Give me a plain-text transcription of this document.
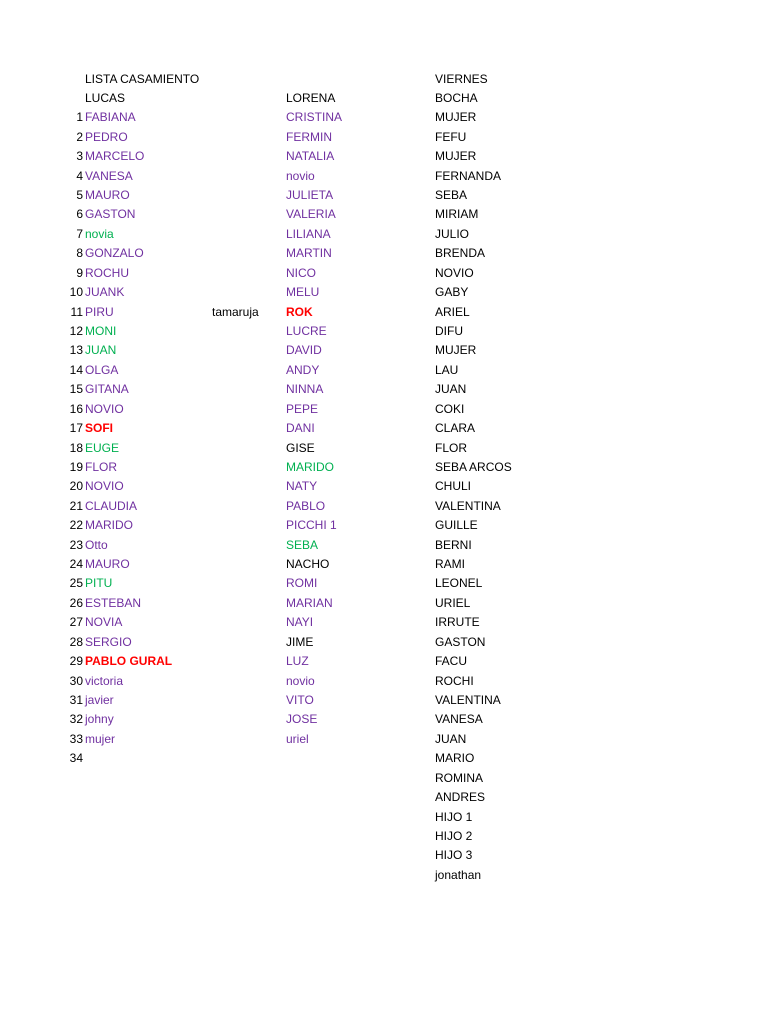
LISTA CASAMIENTO
LUCAS	LORENA
VIERNES
tamaruja
1 FABIANA
2 PEDRO
3 MARCELO
4 VANESA
5 MAURO
6 GASTON
7 novia
8 GONZALO
9 ROCHU
10 JUANK
11 PIRU
12 MONI
13 JUAN
14 OLGA
15 GITANA
16 NOVIO
17 SOFI
18 EUGE
19 FLOR
20 NOVIO
21 CLAUDIA
22 MARIDO
23 Otto
24 MAURO
25 PITU
26 ESTEBAN
27 NOVIA
28 SERGIO
29 PABLO GURAL
30 victoria
31 javier
32 johny
33 mujer
34
CRISTINA
FERMIN
NATALIA
novio
JULIETA
VALERIA
LILIANA
MARTIN
NICO
MELU
ROK
LUCRE
DAVID
ANDY
NINNA
PEPE
DANI
GISE
MARIDO
NATY
PABLO
PICCHI 1
SEBA
NACHO
ROMI
MARIAN
NAYI
JIME
LUZ
novio
VITO
JOSE
uriel
BOCHA
MUJER
FEFU
MUJER
FERNANDA
SEBA
MIRIAM
JULIO
BRENDA
NOVIO
GABY
ARIEL
DIFU
MUJER
LAU
JUAN
COKI
CLARA
FLOR
SEBA ARCOS
CHULI
VALENTINA
GUILLE
BERNI
RAMI
LEONEL
URIEL
IRRUTE
GASTON
FACU
ROCHI
VALENTINA
VANESA
JUAN
MARIO
ROMINA
ANDRES
HIJO 1
HIJO 2
HIJO 3
jonathan
